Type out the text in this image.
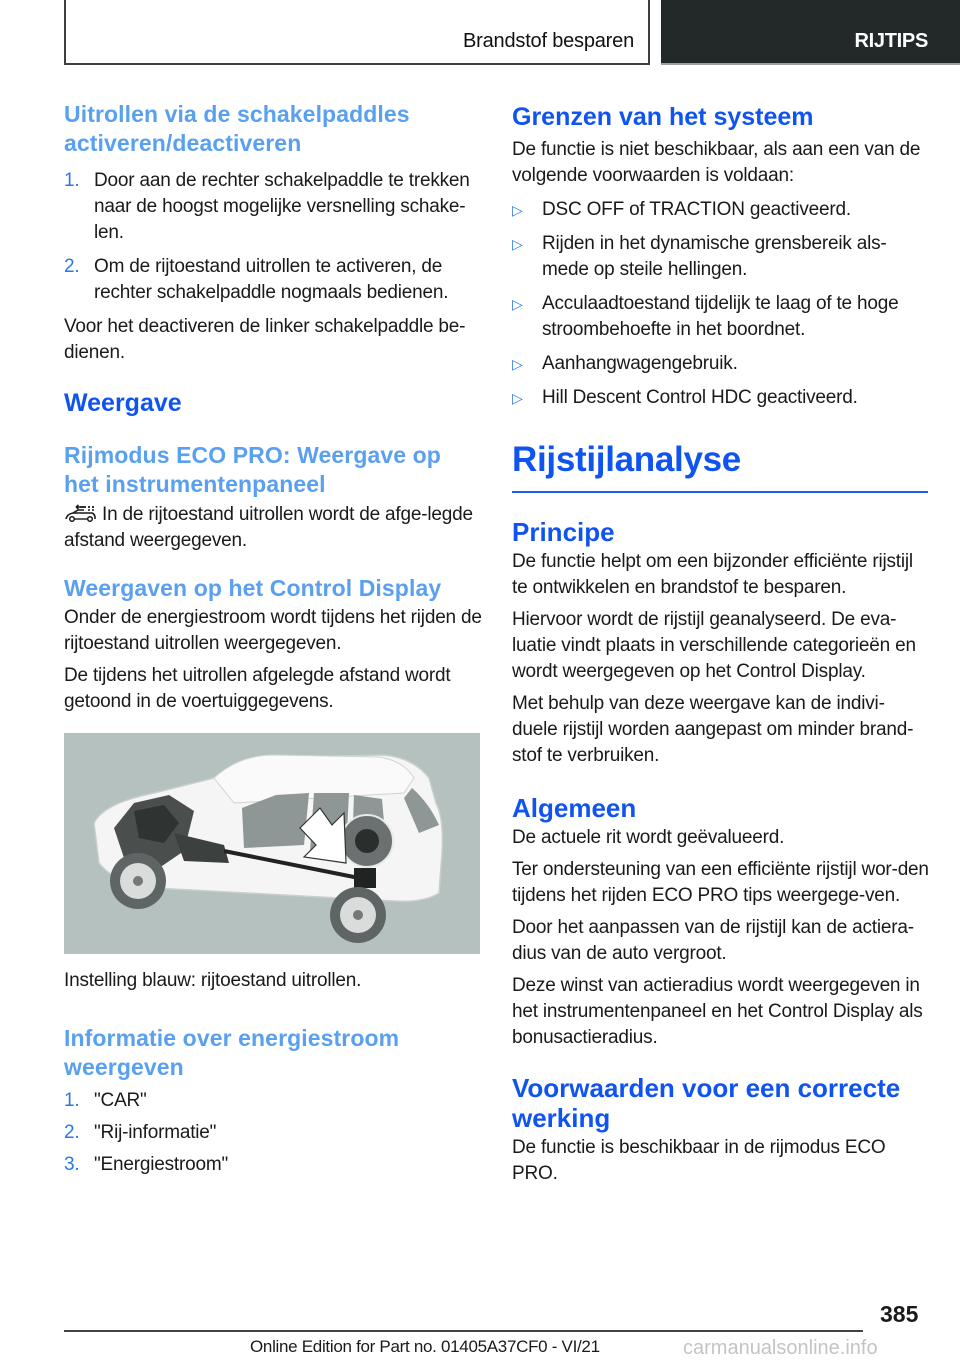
Brandstof besparen	RIJTIPS
Uitrollen via de schakelpaddles activeren/deactiveren
1. Door aan de rechter schakelpaddle te trekken naar de hoogst mogelijke versnelling schake-len.
2. Om de rijtoestand uitrollen te activeren, de rechter schakelpaddle nogmaals bedienen.

Voor het deactiveren de linker schakelpaddle be-dienen.

Weergave
Rijmodus ECO PRO: Weergave op het instrumentenpaneel

In de rijtoestand uitrollen wordt de afge-legde afstand weergegeven.

Weergaven op het Control Display

Onder de energiestroom wordt tijdens het rijden de rijtoestand uitrollen weergegeven.

De tijdens het uitrollen afgelegde afstand wordt getoond in de voertuiggegevens.

Instelling blauw: rijtoestand uitrollen.

Informatie over energiestroom weergeven
1. "CAR"
2. "Rij-informatie"
3. "Energiestroom"
Grenzen van het systeem

De functie is niet beschikbaar, als aan een van de volgende voorwaarden is voldaan:

▷ DSC OFF of TRACTION geactiveerd.
▷ Rijden in het dynamische grensbereik als-mede op steile hellingen.
▷ Acculaadtoestand tijdelijk te laag of te hoge stroombehoefte in het boordnet.
▷ Aanhangwagengebruik.
▷ Hill Descent Control HDC geactiveerd.
Rijstijlanalyse
Principe

De functie helpt om een bijzonder efficiënte rijstijl te ontwikkelen en brandstof te besparen.

Hiervoor wordt de rijstijl geanalyseerd. De eva-luatie vindt plaats in verschillende categorieën en wordt weergegeven op het Control Display.

Met behulp van deze weergave kan de indivi-duele rijstijl worden aangepast om minder brand-stof te verbruiken.

Algemeen

De actuele rit wordt geëvalueerd.

Ter ondersteuning van een efficiënte rijstijl wor-den tijdens het rijden ECO PRO tips weergege-ven.

Door het aanpassen van de rijstijl kan de actiera-dius van de auto vergroot.

Deze winst van actieradius wordt weergegeven in het instrumentenpaneel en het Control Display als bonusactieradius.

Voorwaarden voor een correcte werking

De functie is beschikbaar in de rijmodus ECO PRO.

385
Online Edition for Part no. 01405A37CF0 - VI/21	carmanualsonline.info
